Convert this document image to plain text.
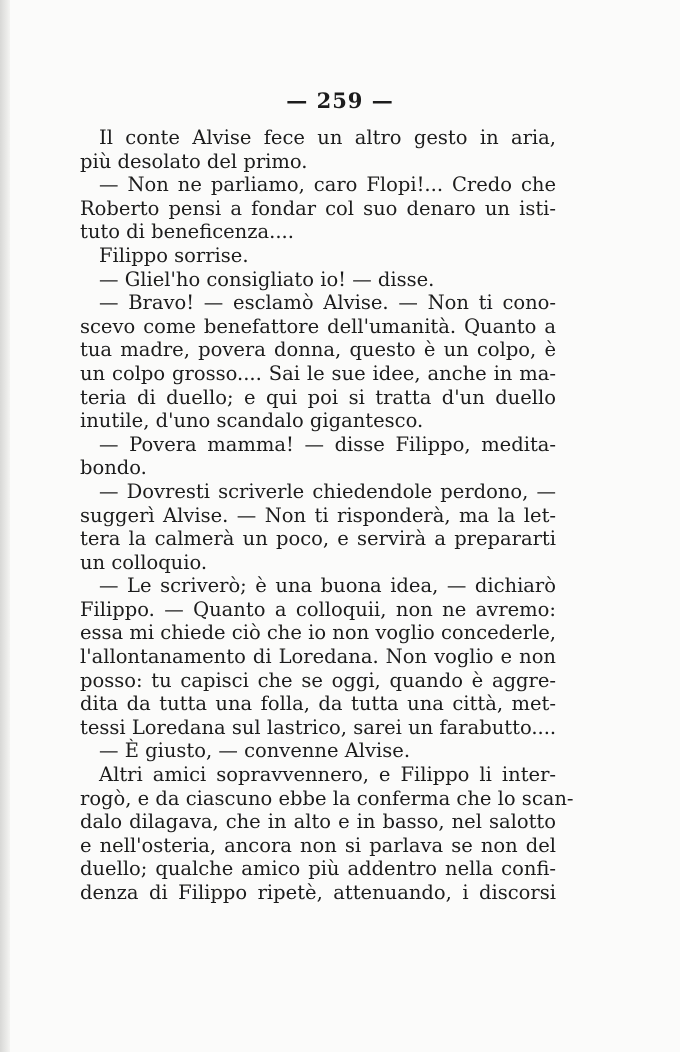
— 259 —
Il conte Alvise fece un altro gesto in aria,
più desolato del primo.
— Non ne parliamo, caro Flopi!... Credo che
Roberto pensi a fondar col suo denaro un isti-
tuto di beneficenza....
Filippo sorrise.
— Gliel'ho consigliato io! — disse.
— Bravo! — esclamò Alvise. — Non ti cono-
scevo come benefattore dell'umanità. Quanto a
tua madre, povera donna, questo è un colpo, è
un colpo grosso.... Sai le sue idee, anche in ma-
teria di duello; e qui poi si tratta d'un duello
inutile, d'uno scandalo gigantesco.
— Povera mamma! — disse Filippo, medita-
bondo.
— Dovresti scriverle chiedendole perdono, —
suggerì Alvise. — Non ti risponderà, ma la let-
tera la calmerà un poco, e servirà a prepararti
un colloquio.
— Le scriverò; è una buona idea, — dichiarò
Filippo. — Quanto a colloquii, non ne avremo:
essa mi chiede ciò che io non voglio concederle,
l'allontanamento di Loredana. Non voglio e non
posso: tu capisci che se oggi, quando è aggre-
dita da tutta una folla, da tutta una città, met-
tessi Loredana sul lastrico, sarei un farabutto....
— È giusto, — convenne Alvise.
Altri amici sopravvennero, e Filippo li inter-
rogò, e da ciascuno ebbe la conferma che lo scan-
dalo dilagava, che in alto e in basso, nel salotto
e nell'osteria, ancora non si parlava se non del
duello; qualche amico più addentro nella confi-
denza di Filippo ripetè, attenuando, i discorsi
